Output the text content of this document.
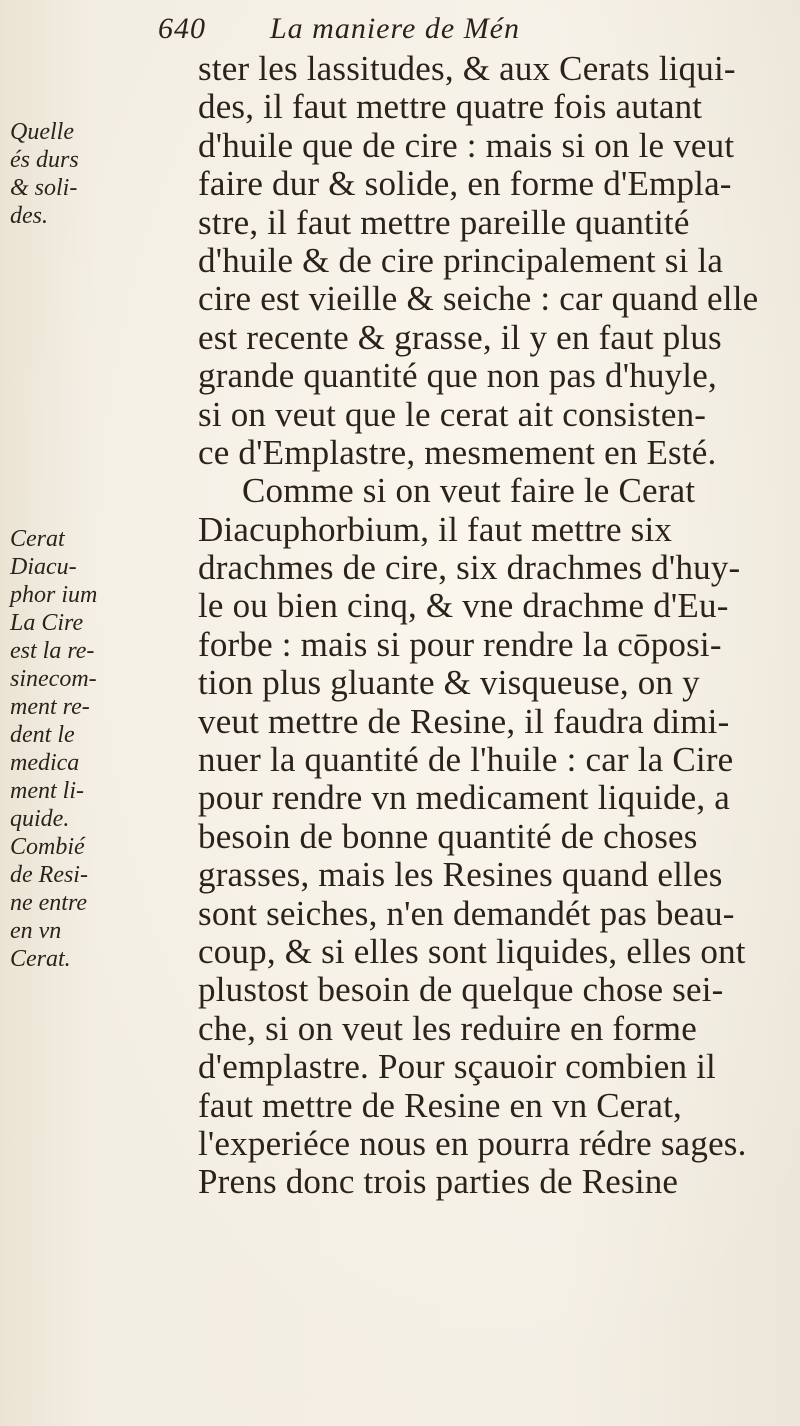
640 La maniere de Mén
Quelle
és durs
& soli-
des.
Cerat
Diacu-
phor ium
La Cire
est la re-
sinecom-
ment re-
dent le
medica
ment li-
quide.
Combié
de Resi-
ne entre
en vn
Cerat.
ster les lassitudes, & aux Cerats liqui-
des, il faut mettre quatre fois autant
d'huile que de cire : mais si on le veut
faire dur & solide, en forme d'Empla-
stre, il faut mettre pareille quantité
d'huile & de cire principalement si la
cire est vieille & seiche : car quand elle
est recente & grasse, il y en faut plus
grande quantité que non pas d'huyle,
si on veut que le cerat ait consisten-
ce d'Emplastre, mesmement en Esté.
Comme si on veut faire le Cerat
Diacuphorbium, il faut mettre six
drachmes de cire, six drachmes d'huy-
le ou bien cinq, & vne drachme d'Eu-
forbe : mais si pour rendre la cōposi-
tion plus gluante & visqueuse, on y
veut mettre de Resine, il faudra dimi-
nuer la quantité de l'huile : car la Cire
pour rendre vn medicament liquide, a
besoin de bonne quantité de choses
grasses, mais les Resines quand elles
sont seiches, n'en demandét pas beau-
coup, & si elles sont liquides, elles ont
plustost besoin de quelque chose sei-
che, si on veut les reduire en forme
d'emplastre. Pour sçauoir combien il
faut mettre de Resine en vn Cerat,
l'experiéce nous en pourra rédre sages.
Prens donc trois parties de Resine
